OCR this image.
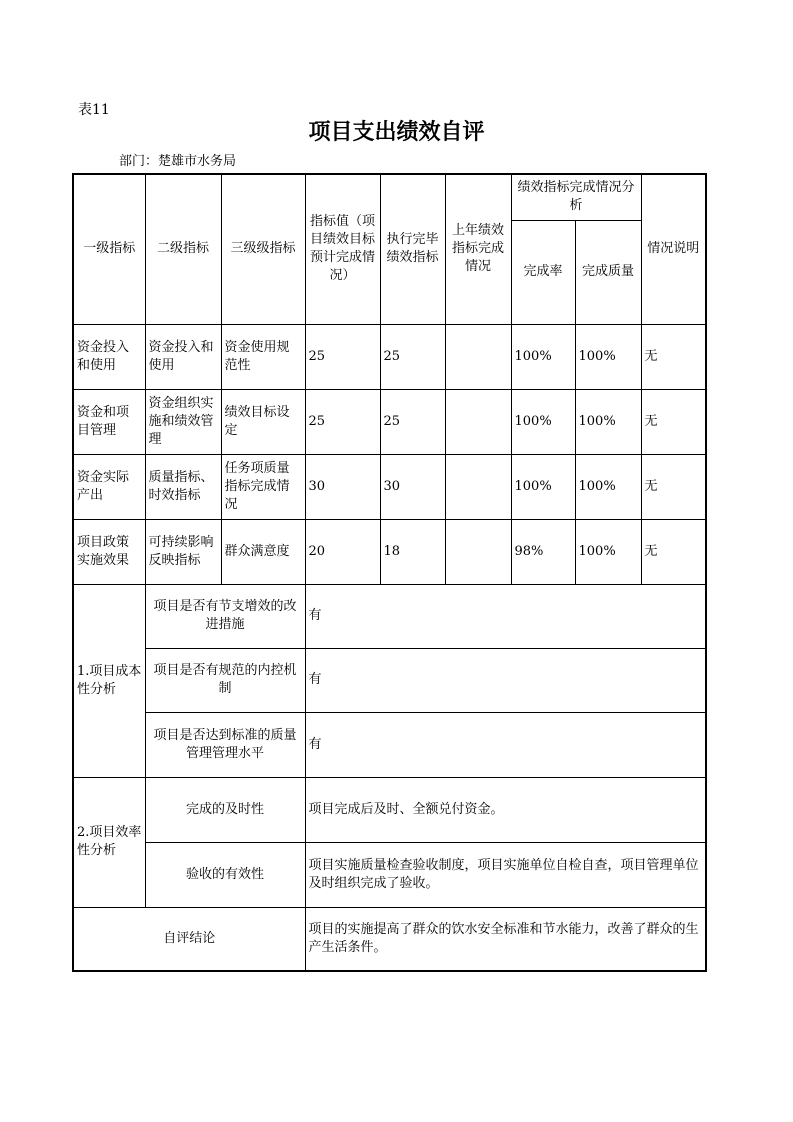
表11
项目支出绩效自评
部门：楚雄市水务局
一级指标	二级指标	三级级指标	指标值（项目绩效目标预计完成情况）	执行完毕绩效指标	上年绩效指标完成情况	绩效指标完成情况分析		情况说明
						完成率	完成质量	
资金投入和使用	资金投入和使用	资金使用规范性	25	25		100%	100%	无
资金和项目管理	资金组织实施和绩效管理	绩效目标设定	25	25		100%	100%	无
资金实际产出	质量指标、时效指标	任务项质量指标完成情况	30	30		100%	100%	无
项目政策实施效果	可持续影响反映指标	群众满意度	20	18		98%	100%	无
1.项目成本性分析	项目是否有节支增效的改进措施		有					
	项目是否有规范的内控机制		有					
	项目是否达到标准的质量管理管理水平		有					
2.项目效率性分析	完成的及时性		项目完成后及时、全额兑付资金。					
	验收的有效性		项目实施质量检查验收制度，项目实施单位自检自查，项目管理单位及时组织完成了验收。					
自评结论			项目的实施提高了群众的饮水安全标准和节水能力，改善了群众的生产生活条件。					
